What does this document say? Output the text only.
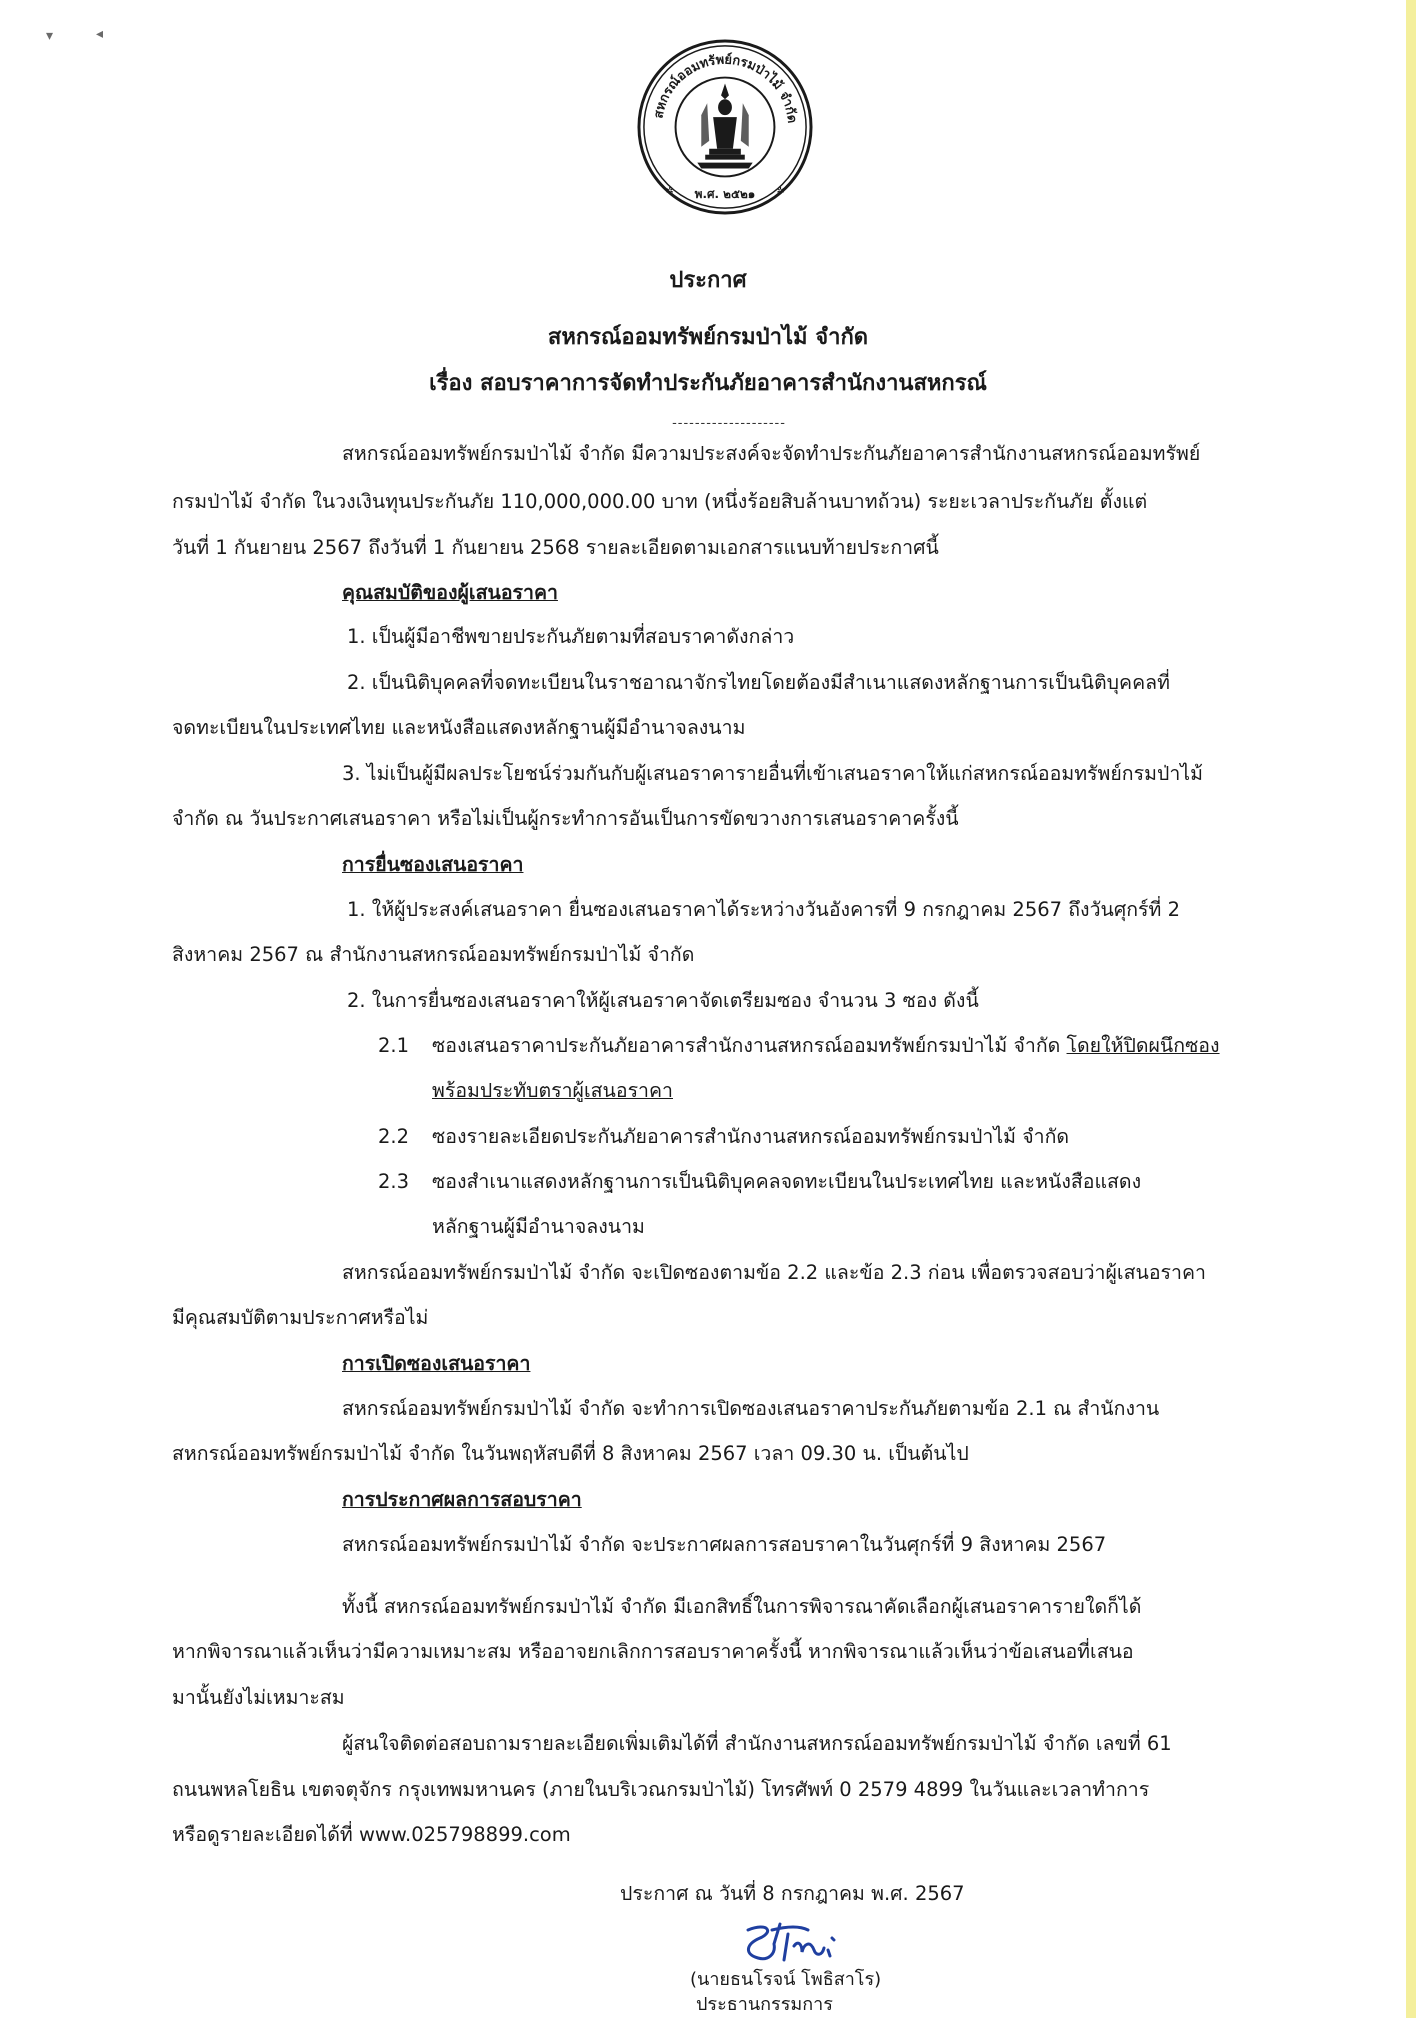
▾	◂
สหกรณ์ออมทรัพย์กรมป่าไม้ จำกัด
พ.ศ. ๒๕๒๑
✲	✲
ประกาศ
สหกรณ์ออมทรัพย์กรมป่าไม้ จำกัด
เรื่อง สอบราคาการจัดทำประกันภัยอาคารสำนักงานสหกรณ์
--------------------
สหกรณ์ออมทรัพย์กรมป่าไม้ จำกัด มีความประสงค์จะจัดทำประกันภัยอาคารสำนักงานสหกรณ์ออมทรัพย์
กรมป่าไม้ จำกัด ในวงเงินทุนประกันภัย 110,000,000.00 บาท (หนึ่งร้อยสิบล้านบาทถ้วน) ระยะเวลาประกันภัย ตั้งแต่
วันที่ 1 กันยายน 2567 ถึงวันที่ 1 กันยายน 2568 รายละเอียดตามเอกสารแนบท้ายประกาศนี้
คุณสมบัติของผู้เสนอราคา
1. เป็นผู้มีอาชีพขายประกันภัยตามที่สอบราคาดังกล่าว
2. เป็นนิติบุคคลที่จดทะเบียนในราชอาณาจักรไทยโดยต้องมีสำเนาแสดงหลักฐานการเป็นนิติบุคคลที่
จดทะเบียนในประเทศไทย และหนังสือแสดงหลักฐานผู้มีอำนาจลงนาม
3. ไม่เป็นผู้มีผลประโยชน์ร่วมกันกับผู้เสนอราคารายอื่นที่เข้าเสนอราคาให้แก่สหกรณ์ออมทรัพย์กรมป่าไม้
จำกัด ณ วันประกาศเสนอราคา หรือไม่เป็นผู้กระทำการอันเป็นการขัดขวางการเสนอราคาครั้งนี้
การยื่นซองเสนอราคา
1. ให้ผู้ประสงค์เสนอราคา ยื่นซองเสนอราคาได้ระหว่างวันอังคารที่ 9 กรกฎาคม 2567 ถึงวันศุกร์ที่ 2
สิงหาคม 2567 ณ สำนักงานสหกรณ์ออมทรัพย์กรมป่าไม้ จำกัด
2. ในการยื่นซองเสนอราคาให้ผู้เสนอราคาจัดเตรียมซอง จำนวน 3 ซอง ดังนี้
2.1 ซองเสนอราคาประกันภัยอาคารสำนักงานสหกรณ์ออมทรัพย์กรมป่าไม้ จำกัด โดยให้ปิดผนึกซอง
พร้อมประทับตราผู้เสนอราคา
2.2 ซองรายละเอียดประกันภัยอาคารสำนักงานสหกรณ์ออมทรัพย์กรมป่าไม้ จำกัด
2.3 ซองสำเนาแสดงหลักฐานการเป็นนิติบุคคลจดทะเบียนในประเทศไทย และหนังสือแสดง
หลักฐานผู้มีอำนาจลงนาม
สหกรณ์ออมทรัพย์กรมป่าไม้ จำกัด จะเปิดซองตามข้อ 2.2 และข้อ 2.3 ก่อน เพื่อตรวจสอบว่าผู้เสนอราคา
มีคุณสมบัติตามประกาศหรือไม่
การเปิดซองเสนอราคา
สหกรณ์ออมทรัพย์กรมป่าไม้ จำกัด จะทำการเปิดซองเสนอราคาประกันภัยตามข้อ 2.1 ณ สำนักงาน
สหกรณ์ออมทรัพย์กรมป่าไม้ จำกัด ในวันพฤหัสบดีที่ 8 สิงหาคม 2567 เวลา 09.30 น. เป็นต้นไป
การประกาศผลการสอบราคา
สหกรณ์ออมทรัพย์กรมป่าไม้ จำกัด จะประกาศผลการสอบราคาในวันศุกร์ที่ 9 สิงหาคม 2567
ทั้งนี้ สหกรณ์ออมทรัพย์กรมป่าไม้ จำกัด มีเอกสิทธิ์ในการพิจารณาคัดเลือกผู้เสนอราคารายใดก็ได้
หากพิจารณาแล้วเห็นว่ามีความเหมาะสม หรืออาจยกเลิกการสอบราคาครั้งนี้ หากพิจารณาแล้วเห็นว่าข้อเสนอที่เสนอ
มานั้นยังไม่เหมาะสม
ผู้สนใจติดต่อสอบถามรายละเอียดเพิ่มเติมได้ที่ สำนักงานสหกรณ์ออมทรัพย์กรมป่าไม้ จำกัด เลขที่ 61
ถนนพหลโยธิน เขตจตุจักร กรุงเทพมหานคร (ภายในบริเวณกรมป่าไม้) โทรศัพท์ 0 2579 4899 ในวันและเวลาทำการ
หรือดูรายละเอียดได้ที่ www.025798899.com
ประกาศ ณ วันที่ 8 กรกฎาคม พ.ศ. 2567
(นายธนโรจน์ โพธิสาโร)
ประธานกรรมการ
